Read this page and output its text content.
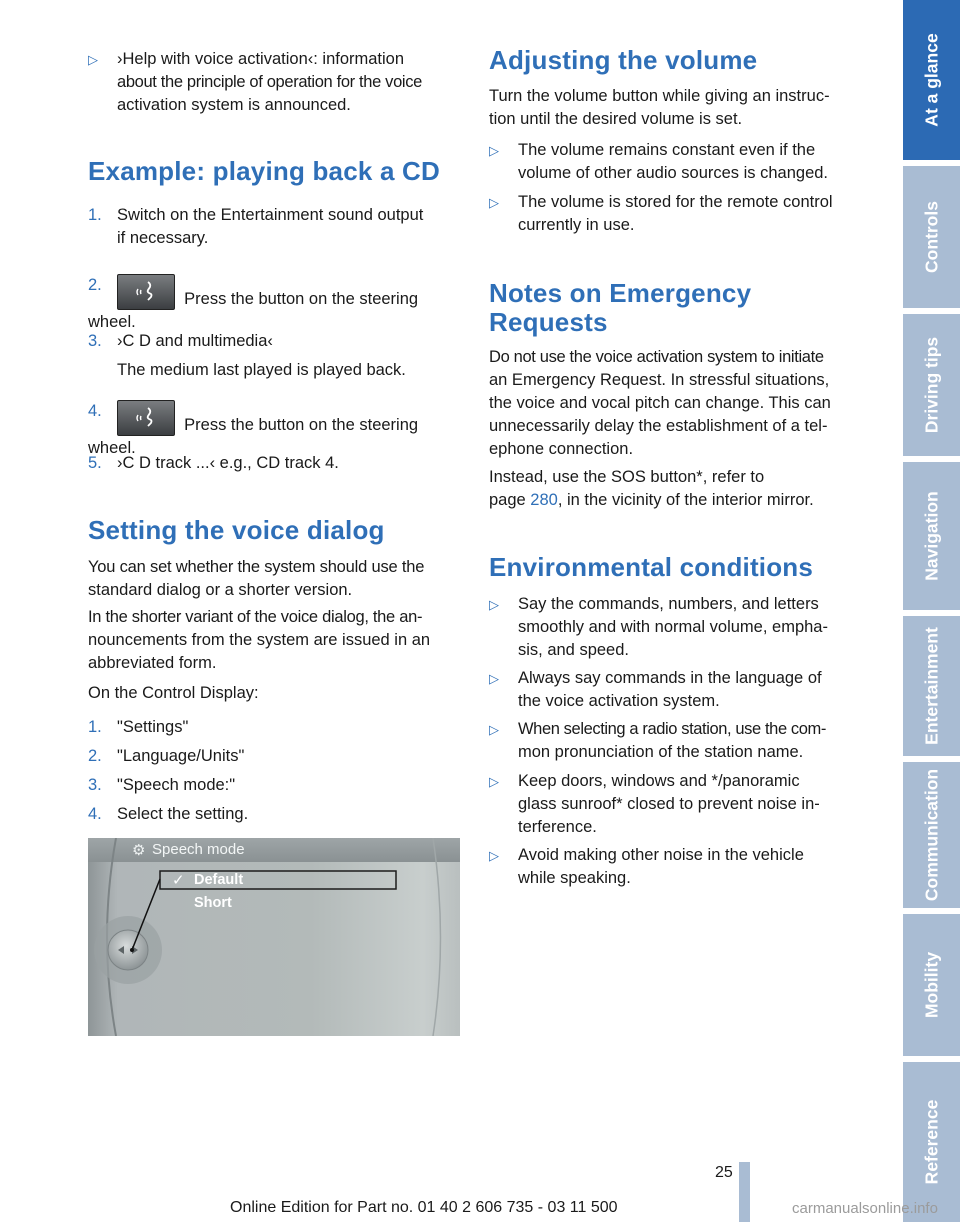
▷ ›Help with voice activation‹: information
about the principle of operation for the voice
activation system is announced.
Example: playing back a CD
1. Switch on the Entertainment sound output
if necessary.
2.
Press the button on the steering
wheel.
3. ›C D and multimedia‹
The medium last played is played back.
4.
Press the button on the steering
wheel.
5. ›C D track ...‹ e.g., CD track 4.
Setting the voice dialog
You can set whether the system should use the
standard dialog or a shorter version.
In the shorter variant of the voice dialog, the an-
nouncements from the system are issued in an
abbreviated form.
On the Control Display:
1. "Settings"
2. "Language/Units"
3. "Speech mode:"
4. Select the setting.
⚙ Speech mode
✓ Default
Short
Adjusting the volume
Turn the volume button while giving an instruc-
tion until the desired volume is set.
▷ The volume remains constant even if the
volume of other audio sources is changed.
▷ The volume is stored for the remote control
currently in use.
Notes on Emergency
Requests
Do not use the voice activation system to initiate
an Emergency Request. In stressful situations,
the voice and vocal pitch can change. This can
unnecessarily delay the establishment of a tel-
ephone connection.
Instead, use the SOS button*, refer to
page 280, in the vicinity of the interior mirror.
Environmental conditions
▷ Say the commands, numbers, and letters
smoothly and with normal volume, empha-
sis, and speed.
▷ Always say commands in the language of
the voice activation system.
▷ When selecting a radio station, use the com-
mon pronunciation of the station name.
▷ Keep doors, windows and */panoramic
glass sunroof* closed to prevent noise in-
terference.
▷ Avoid making other noise in the vehicle
while speaking.
At a glance
Controls
Driving tips
Navigation
Entertainment
Communication
Mobility
Reference
25
Online Edition for Part no. 01 40 2 606 735 - 03 11 500	carmanualsonline.info
